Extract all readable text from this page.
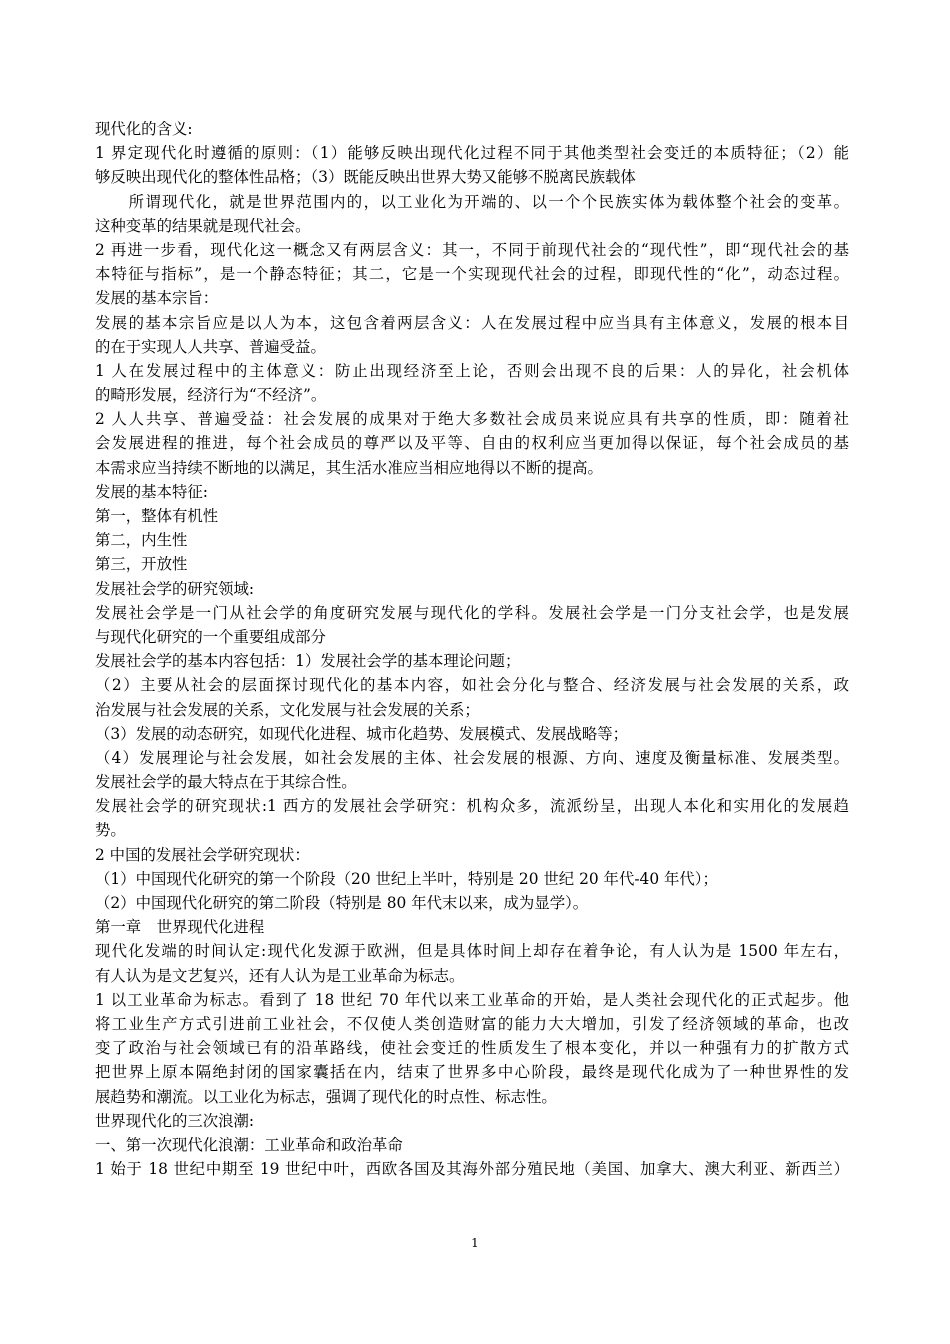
现代化的含义:
1 界定现代化时遵循的原则：（1）能够反映出现代化过程不同于其他类型社会变迁的本质特征；（2）能
够反映出现代化的整体性品格；（3）既能反映出世界大势又能够不脱离民族载体
　　所谓现代化，就是世界范围内的，以工业化为开端的、以一个个民族实体为载体整个社会的变革。
这种变革的结果就是现代社会。
2 再进一步看，现代化这一概念又有两层含义：其一，不同于前现代社会的“现代性”，即“现代社会的基
本特征与指标”，是一个静态特征；其二，它是一个实现现代社会的过程，即现代性的“化”，动态过程。
发展的基本宗旨：
发展的基本宗旨应是以人为本，这包含着两层含义：人在发展过程中应当具有主体意义，发展的根本目
的在于实现人人共享、普遍受益。
1 人在发展过程中的主体意义：防止出现经济至上论，否则会出现不良的后果：人的异化，社会机体
的畸形发展，经济行为“不经济”。
2 人人共享、普遍受益：社会发展的成果对于绝大多数社会成员来说应具有共享的性质，即：随着社
会发展进程的推进，每个社会成员的尊严以及平等、自由的权利应当更加得以保证，每个社会成员的基
本需求应当持续不断地的以满足，其生活水准应当相应地得以不断的提高。
发展的基本特征:
第一，整体有机性
第二，内生性
第三，开放性
发展社会学的研究领域:
发展社会学是一门从社会学的角度研究发展与现代化的学科。发展社会学是一门分支社会学，也是发展
与现代化研究的一个重要组成部分
发展社会学的基本内容包括：1）发展社会学的基本理论问题；
（2）主要从社会的层面探讨现代化的基本内容，如社会分化与整合、经济发展与社会发展的关系，政
治发展与社会发展的关系，文化发展与社会发展的关系；
（3）发展的动态研究，如现代化进程、城市化趋势、发展模式、发展战略等；
（4）发展理论与社会发展，如社会发展的主体、社会发展的根源、方向、速度及衡量标准、发展类型。
发展社会学的最大特点在于其综合性。
发展社会学的研究现状:1 西方的发展社会学研究：机构众多，流派纷呈，出现人本化和实用化的发展趋
势。
2 中国的发展社会学研究现状：
（1）中国现代化研究的第一个阶段（20 世纪上半叶，特别是 20 世纪 20 年代-40 年代）；
（2）中国现代化研究的第二阶段（特别是 80 年代末以来，成为显学）。
第一章　世界现代化进程
现代化发端的时间认定:现代化发源于欧洲，但是具体时间上却存在着争论，有人认为是 1500 年左右，
有人认为是文艺复兴，还有人认为是工业革命为标志。
1 以工业革命为标志。看到了 18 世纪 70 年代以来工业革命的开始，是人类社会现代化的正式起步。他
将工业生产方式引进前工业社会，不仅使人类创造财富的能力大大增加，引发了经济领域的革命，也改
变了政治与社会领域已有的沿革路线，使社会变迁的性质发生了根本变化，并以一种强有力的扩散方式
把世界上原本隔绝封闭的国家囊括在内，结束了世界多中心阶段，最终是现代化成为了一种世界性的发
展趋势和潮流。以工业化为标志，强调了现代化的时点性、标志性。
世界现代化的三次浪潮:
一、第一次现代化浪潮：工业革命和政治革命
1 始于 18 世纪中期至 19 世纪中叶，西欧各国及其海外部分殖民地（美国、加拿大、澳大利亚、新西兰）
1
